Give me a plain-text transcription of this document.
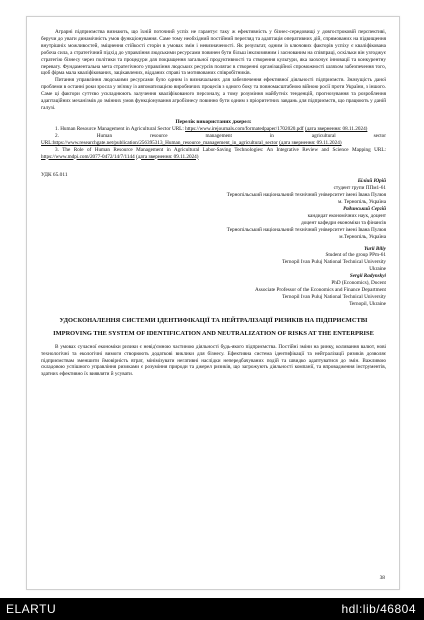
Аграрні підприємства визнають, що їхній поточний успіх не гарантує таку ж ефективність у бізнес-середовищі у довгостроковій перспективі, беручи до уваги динамічність умов функціонування. Саме тому необхідний постійний перегляд та адаптація оперативних дій, спрямованих на підвищення внутрішніх можливостей, зміцнення стійкості сторін в умовах змін і невизначеності. Як результат, одним із ключових факторів успіху є кваліфікована робоча сила, а стратегічний підхід до управління людськими ресурсами повинен бути більш інклюзивним і заснованим на співпраці, оскільки він узгоджує стратегію бізнесу через політики та процедури для покращення загальної продуктивності та створення культури, яка заохочує інновації та конкурентну перевагу. Фундаментальна мета стратегічного управління людських ресурсів полягає в створенні організаційної спроможності шляхом забезпечення того, щоб фірма мала кваліфікованих, зацікавлених, відданих справі та мотивованих співробітників.

Питання управління людськими ресурсами було одним із визначальних для забезпечення ефективної діяльності підприємств. Значущість даної проблеми в останні роки зросла у зв'язку із автоматизацією виробничих процесів з одного боку та повномасштабною війною росії проти України, з іншого. Саме ці фактори суттєво ускладнюють залучення кваліфікованого персоналу, а тому розуміння майбутніх тенденцій, прогнозування та розроблення адаптаційних механізмів до змінних умов функціонування агробізнесу повинно бути одним з пріоритетних завдань для підприємств, що працюють у даній галузі.

Перелік використаних джерел:
1. Human Resource Management in Agricultural Sector URL: https://www.irejournals.com/formatedpaper/1702020.pdf (дата звернення: 08.11.2024)
2.	Human resource management in agricultural sector URL:https://www.researchgate.net/publication/256395313_Human_resource_management_in_agricultural_sector (дата звернення: 09.11.2024)
3. The Role of Human Resource Management in Agricultural Labor-Saving Technologies: An Integrative Review and Science Mapping URL: https://www.mdpi.com/2077-0472/14/7/1144 (дата звернення: 09.11.2024)
УДК 65.011
Біліий Юрій
студент групи ППм1-61
Тернопільський національний технічний університет імені Івана Пулюя
м. Тернопіль, Україна
Радинський Сергій
кандидат економічних наук, доцент
доцент кафедри економіки та фінансів
Тернопільський національний технічний університет імені Івана Пулюя
м.Тернопіль, Україна
Yurii Biliy
Student of the group PPm-61
Ternopil Ivan Puluj National Technical University
Ukraine
Sergii Radynskyi
PhD (Economics), Docent
Associate Professor of the Economics and Finance Department
Ternopil Ivan Puluj National Technical University
Ternopil, Ukraine
УДОСКОНАЛЕННЯ СИСТЕМИ ІДЕНТИФІКАЦІЇ ТА НЕЙТРАЛІЗАЦІЇ РИЗИКІВ НА ПІДПРИЄМСТВІ
IMPROVING THE SYSTEM OF IDENTIFICATION AND NEUTRALIZATION OF RISKS AT THE ENTERPRISE

В умовах сучасної економіки ризики є невід'ємною частиною діяльності будь-якого підприємства. Постійні зміни на ринку, коливання валют, нові технологічні та екологічні вимоги створюють додаткові виклики для бізнесу. Ефективна система ідентифікації та нейтралізації ризиків дозволяє підприємствам зменшити ймовірність втрат, мінімізувати негативні наслідки непередбачуваних подій та швидко адаптуватися до змін. Важливою складовою успішного управління ризиками є розуміння природи та джерел ризиків, що загрожують діяльності компанії, та впровадження інструментів, здатних ефективно їх виявляти й усувати.

38
ELARTU	hdl:lib/46804
